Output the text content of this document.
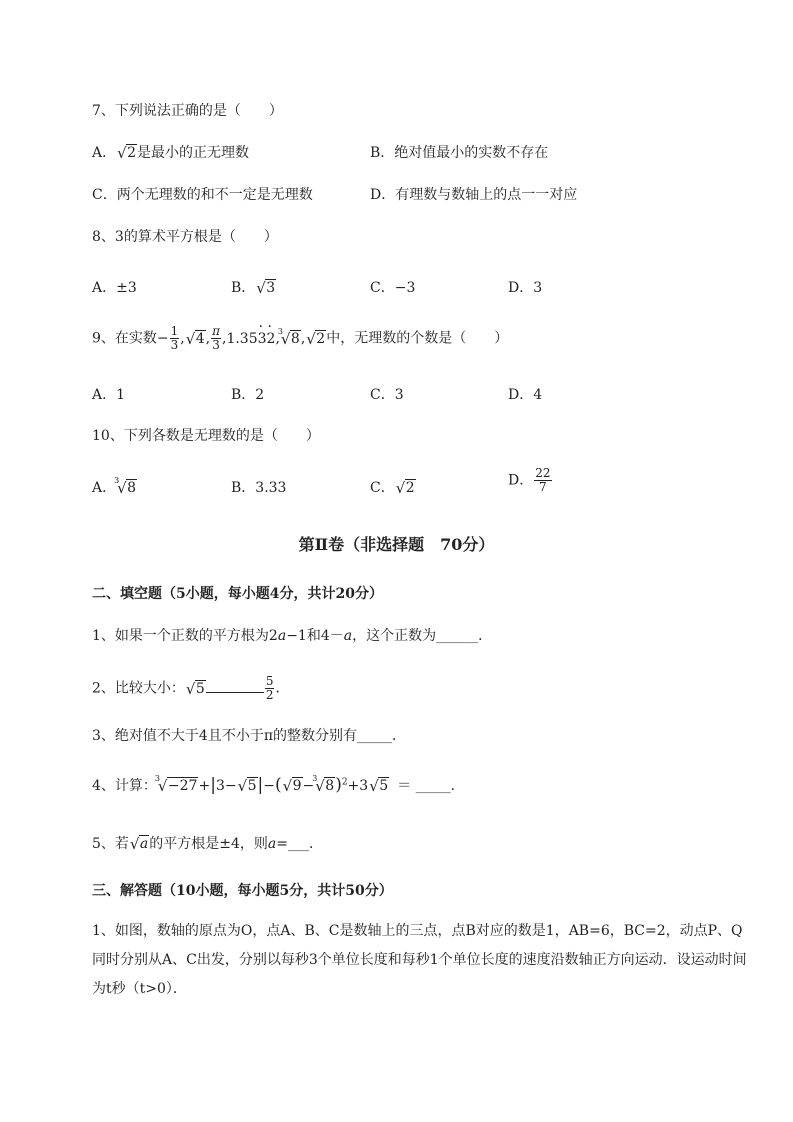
7、下列说法正确的是（　　）
A． √ 2是最小的正无理数	B．绝对值最小的实数不存在
C．两个无理数的和不一定是无理数	D．有理数与数轴上的点一一对应
8、3的算术平方根是（　　）
A．±3	B． √ 3	C．−3	D．3
9、在实数− $\frac{1}{3}$ , √ 4, $\frac{\pi}{3} ,1.35\cdot 3\cdot 2$,
3
√ 8, √ 2中，无理数的个数是（　　）
A．1	B．2	C．3	D．4
10、下列各数是无理数的是（　　）
A．
3
√ 8	B．3.33	C． √ 2	D． $\frac{22}{7}$
第Ⅱ卷（非选择题　70分）
二、填空题（5小题，每小题4分，共计20分）
1、如果一个正数的平方根为2a−1和4－a，这个正数为______．
2、比较大小： √ 5	$\frac{5}{2}$ ．
3、绝对值不大于4且不小于π的整数分别有_____．
4、计算：
3
√ −27+|3− √ 5|−( √ 9−
3
√ 8)$^2$+3 √ 5 ＝ _____．
5、若 √ a的平方根是±4，则a=___．
三、解答题（10小题，每小题5分，共计50分）
1、如图，数轴的原点为O，点A、B、C是数轴上的三点，点B对应的数是1，AB=6，BC=2，动点P、Q同时分别从A、C出发，分别以每秒3个单位长度和每秒1个单位长度的速度沿数轴正方向运动．设运动时间为t秒（t>0）．
